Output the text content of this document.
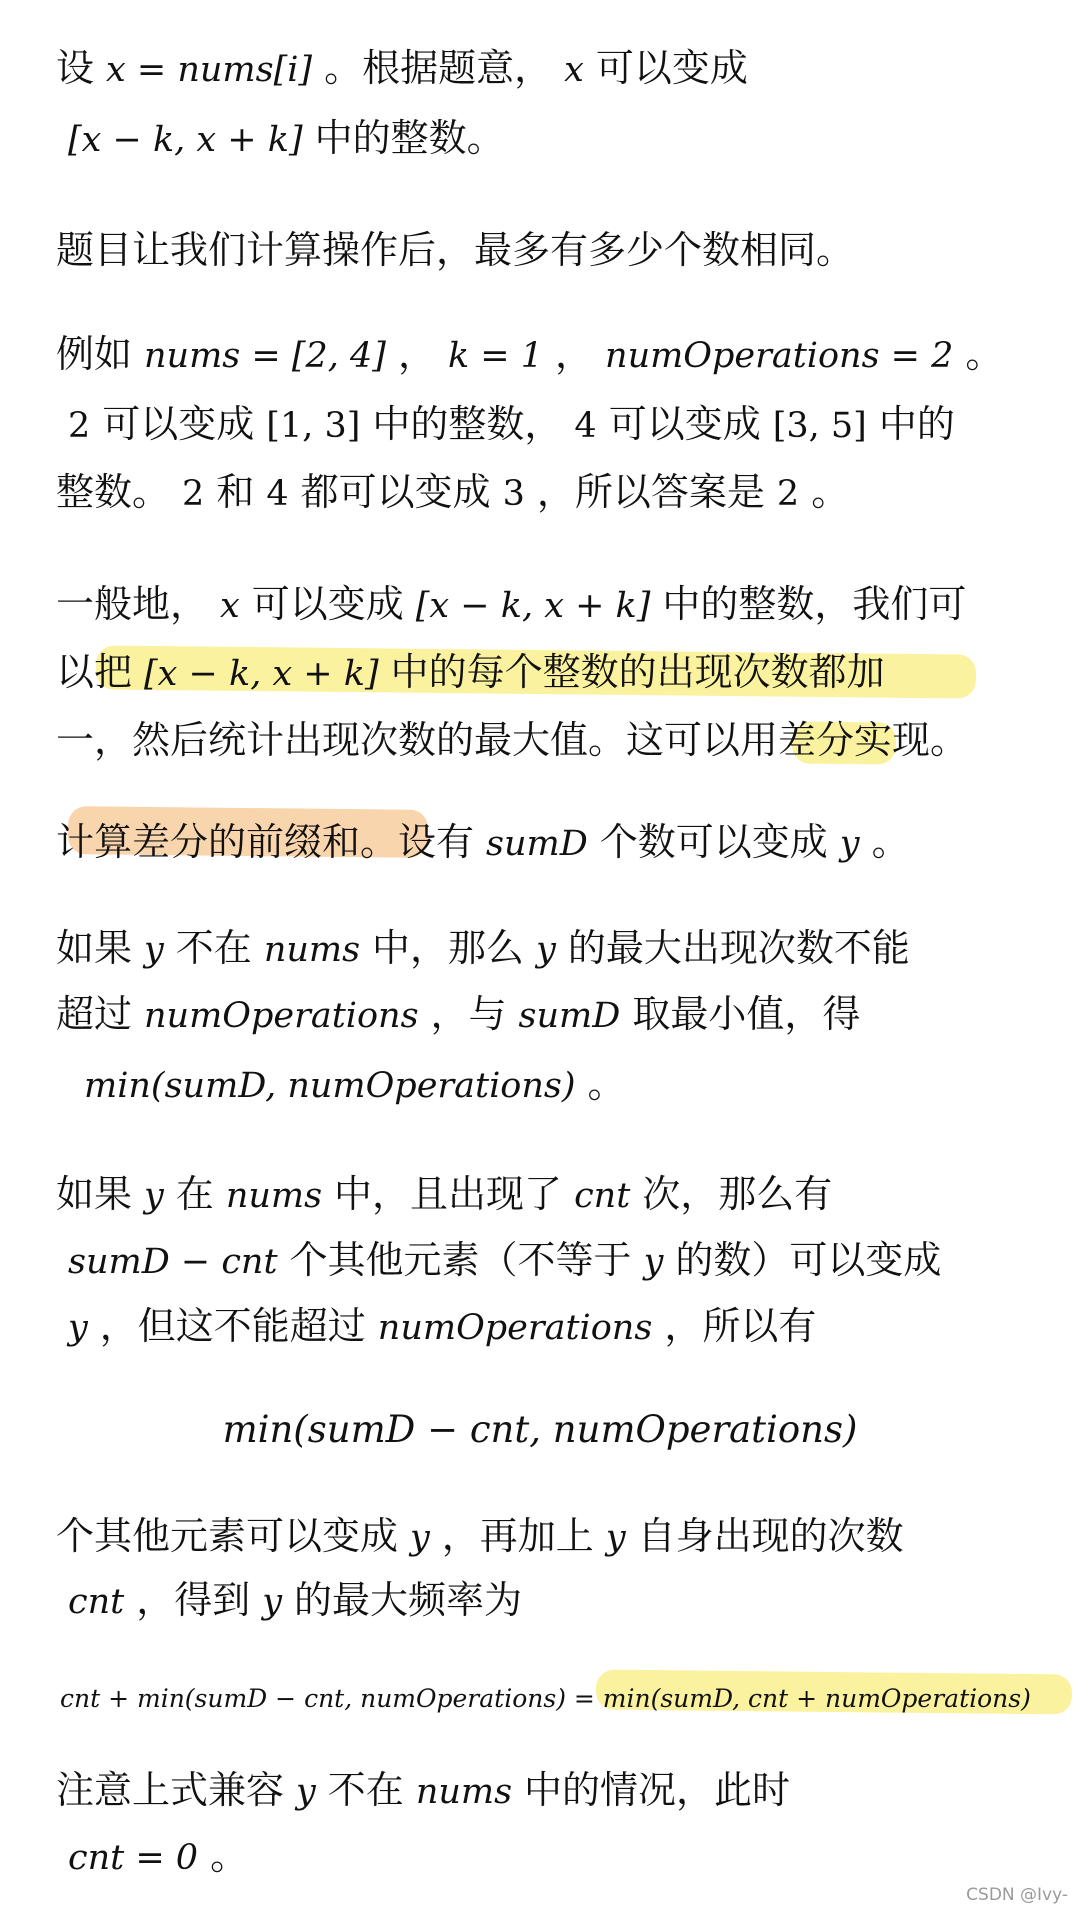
设 x = nums[i] 。根据题意， x 可以变成
[x − k, x + k] 中的整数。
题目让我们计算操作后，最多有多少个数相同。
例如 nums = [2, 4] ， k = 1 ， numOperations = 2 。
2 可以变成 [1, 3] 中的整数， 4 可以变成 [3, 5] 中的
整数。 2 和 4 都可以变成 3 ，所以答案是 2 。
一般地， x 可以变成 [x − k, x + k] 中的整数，我们可
以把 [x − k, x + k] 中的每个整数的出现次数都加
一，然后统计出现次数的最大值。这可以用差分实现。
计算差分的前缀和。设有 sumD 个数可以变成 y 。
如果 y 不在 nums 中，那么 y 的最大出现次数不能
超过 numOperations ，与 sumD 取最小值，得
min(sumD, numOperations) 。
如果 y 在 nums 中，且出现了 cnt 次，那么有
sumD − cnt 个其他元素（不等于 y 的数）可以变成
y ，但这不能超过 numOperations ，所以有
min(sumD − cnt, numOperations)
个其他元素可以变成 y ，再加上 y 自身出现的次数
cnt ，得到 y 的最大频率为
cnt + min(sumD − cnt, numOperations) = min(sumD, cnt + numOperations)
注意上式兼容 y 不在 nums 中的情况，此时
cnt = 0 。
CSDN @Ivy-
